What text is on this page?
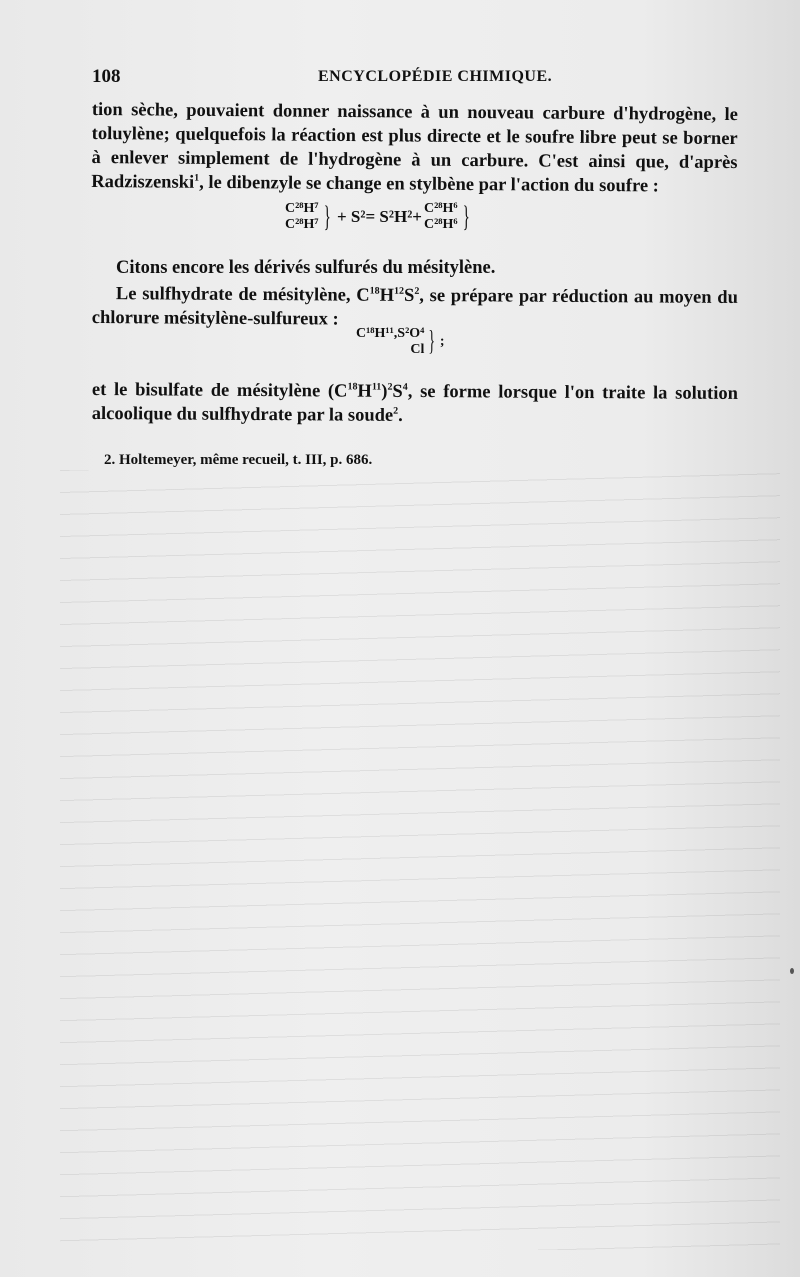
108	ENCYCLOPÉDIE CHIMIQUE.
tion sèche, pouvaient donner naissance à un nouveau carbure d'hydrogène, le toluylène; quelquefois la réaction est plus directe et le soufre libre peut se borner à enlever simplement de l'hydrogène à un carbure. C'est ainsi que, d'après Radziszenski$^1$, le dibenzyle se change en stylbène par l'action du soufre :
C²⁸H⁷
C²⁸H⁷ } + S²= S²H²+ C²⁸H⁶
C²⁸H⁶ }
Citons encore les dérivés sulfurés du mésitylène.
Le sulfhydrate de mésitylène, $C^{18}H^{12}S^2$, se prépare par réduction au moyen du chlorure mésitylène-sulfureux :
C¹⁸H¹¹,S²O⁴
Cl } ;
et le bisulfate de mésitylène $(C^{18}H^{11})^2S^4$, se forme lorsque l'on traite la solution alcoolique du sulfhydrate par la soude$^2$.
2. Holtemeyer, même recueil, t. III, p. 686.
